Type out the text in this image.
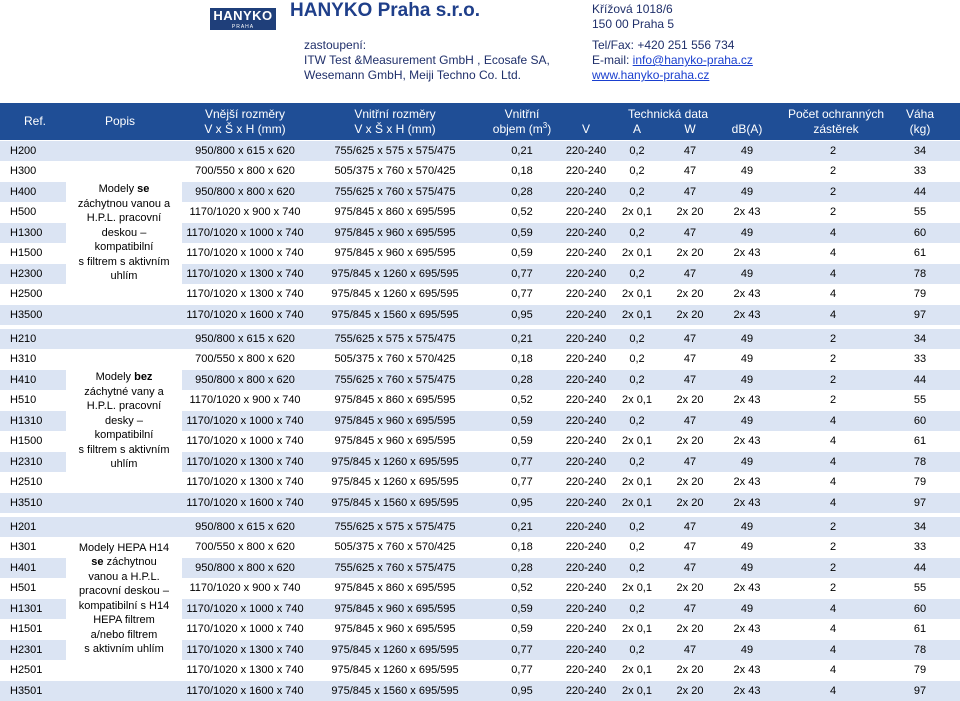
HANYKO
PRAHA
HANYKO Praha s.r.o.
zastoupení:
ITW Test &Measurement GmbH , Ecosafe SA,
Wesemann GmbH, Meiji Techno Co. Ltd.
Křížová 1018/6
150 00 Praha 5
Tel/Fax: +420 251 556 734
E-mail: info@hanyko-praha.cz
www.hanyko-praha.cz
Ref.	Popis
Vnější rozměry
V x Š x H (mm)
Vnitřní rozměry
V x Š x H (mm)
Vnitřní
objem $(m^3)$
Technická data
V	A	W	dB(A)
Počet ochranných
zástěrek
Váha
(kg)
H200	950/800 x 615 x 620	755/625 x 575 x 575/475	0,21	220-240	0,2	47	49	2	34
H300	700/550 x 800 x 620	505/375 x 760 x 570/425	0,18	220-240	0,2	47	49	2	33
H400	950/800 x 800 x 620	755/625 x 760 x 575/475	0,28	220-240	0,2	47	49	2	44
H500	1170/1020 x 900 x 740	975/845 x 860 x 695/595	0,52	220-240	2x 0,1	2x 20	2x 43	2	55
H1300	1170/1020 x 1000 x 740	975/845 x 960 x 695/595	0,59	220-240	0,2	47	49	4	60
H1500	1170/1020 x 1000 x 740	975/845 x 960 x 695/595	0,59	220-240	2x 0,1	2x 20	2x 43	4	61
H2300	1170/1020 x 1300 x 740	975/845 x 1260 x 695/595	0,77	220-240	0,2	47	49	4	78
H2500	1170/1020 x 1300 x 740	975/845 x 1260 x 695/595	0,77	220-240	2x 0,1	2x 20	2x 43	4	79
H3500	1170/1020 x 1600 x 740	975/845 x 1560 x 695/595	0,95	220-240	2x 0,1	2x 20	2x 43	4	97
H210	950/800 x 615 x 620	755/625 x 575 x 575/475	0,21	220-240	0,2	47	49	2	34
H310	700/550 x 800 x 620	505/375 x 760 x 570/425	0,18	220-240	0,2	47	49	2	33
H410	950/800 x 800 x 620	755/625 x 760 x 575/475	0,28	220-240	0,2	47	49	2	44
H510	1170/1020 x 900 x 740	975/845 x 860 x 695/595	0,52	220-240	2x 0,1	2x 20	2x 43	2	55
H1310	1170/1020 x 1000 x 740	975/845 x 960 x 695/595	0,59	220-240	0,2	47	49	4	60
H1500	1170/1020 x 1000 x 740	975/845 x 960 x 695/595	0,59	220-240	2x 0,1	2x 20	2x 43	4	61
H2310	1170/1020 x 1300 x 740	975/845 x 1260 x 695/595	0,77	220-240	0,2	47	49	4	78
H2510	1170/1020 x 1300 x 740	975/845 x 1260 x 695/595	0,77	220-240	2x 0,1	2x 20	2x 43	4	79
H3510	1170/1020 x 1600 x 740	975/845 x 1560 x 695/595	0,95	220-240	2x 0,1	2x 20	2x 43	4	97
H201	950/800 x 615 x 620	755/625 x 575 x 575/475	0,21	220-240	0,2	47	49	2	34
H301	700/550 x 800 x 620	505/375 x 760 x 570/425	0,18	220-240	0,2	47	49	2	33
H401	950/800 x 800 x 620	755/625 x 760 x 575/475	0,28	220-240	0,2	47	49	2	44
H501	1170/1020 x 900 x 740	975/845 x 860 x 695/595	0,52	220-240	2x 0,1	2x 20	2x 43	2	55
H1301	1170/1020 x 1000 x 740	975/845 x 960 x 695/595	0,59	220-240	0,2	47	49	4	60
H1501	1170/1020 x 1000 x 740	975/845 x 960 x 695/595	0,59	220-240	2x 0,1	2x 20	2x 43	4	61
H2301	1170/1020 x 1300 x 740	975/845 x 1260 x 695/595	0,77	220-240	0,2	47	49	4	78
H2501	1170/1020 x 1300 x 740	975/845 x 1260 x 695/595	0,77	220-240	2x 0,1	2x 20	2x 43	4	79
H3501	1170/1020 x 1600 x 740	975/845 x 1560 x 695/595	0,95	220-240	2x 0,1	2x 20	2x 43	4	97
Modely se
záchytnou vanou a
H.P.L. pracovní
deskou –
kompatibilní
s filtrem s aktivním
uhlím
Modely bez
záchytné vany a
H.P.L. pracovní
desky –
kompatibilní
s filtrem s aktivním
uhlím
Modely HEPA H14
se záchytnou
vanou a H.P.L.
pracovní deskou –
kompatibilní s H14
HEPA filtrem
a/nebo filtrem
s aktivním uhlím
